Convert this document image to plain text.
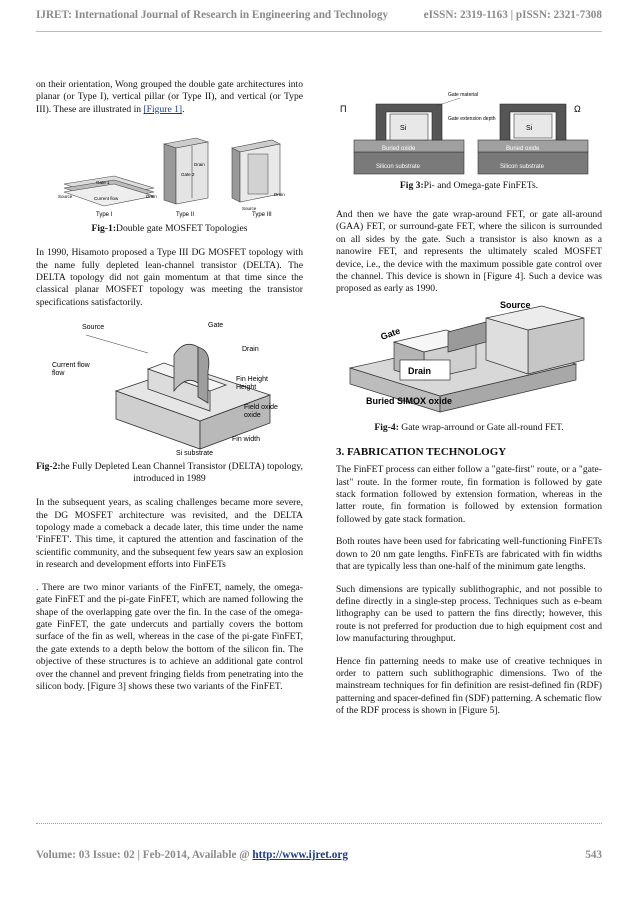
IJRET: International Journal of Research in Engineering and Technology	eISSN: 2319-1163 | pISSN: 2321-7308

on their orientation, Wong grouped the double gate architectures into planar (or Type I), vertical pillar (or Type II), and vertical (or Type III). These are illustrated in [Figure 1].

Gate 1
Source	Drain
Current flow
Type I
Gate 2
Drain
Type II
Source
Drain
Type III
Fig-1:Double gate MOSFET Topologies

In 1990, Hisamoto proposed a Type III DG MOSFET topology with the name fully depleted lean-channel transistor (DELTA). The DELTA topology did not gain momentum at that time since the classical planar MOSFET topology was meeting the transistor specifications satisfactorily.

Source	Gate
Drain
Current flow
flow
Fin Height
Height
Field oxide
oxide
Fin width
Si substrate
Fig-2:he Fully Depleted Lean Channel Transistor (DELTA) topology, introduced in 1989

In the subsequent years, as scaling challenges became more severe, the DG MOSFET architecture was revisited, and the DELTA topology made a comeback a decade later, this time under the name 'FinFET'. This time, it captured the attention and fascination of the scientific community, and the subsequent few years saw an explosion in research and development efforts into FinFETs

. There are two minor variants of the FinFET, namely, the omega-gate FinFET and the pi-gate FinFET, which are named following the shape of the overlapping gate over the fin. In the case of the omega-gate FinFET, the gate undercuts and partially covers the bottom surface of the fin as well, whereas in the case of the pi-gate FinFET, the gate extends to a depth below the bottom of the silicon fin. The objective of these structures is to achieve an additional gate control over the channel and prevent fringing fields from penetrating into the silicon body. [Figure 3] shows these two variants of the FinFET.

Π
Si
Buried oxide
Silicon substrate
Ω
Si
Buried oxide
Silicon substrate
Gate material
Gate extension depth
Fig 3:Pi- and Omega-gate FinFETs.

And then we have the gate wrap-around FET, or gate all-around (GAA) FET, or surround-gate FET, where the silicon is surrounded on all sides by the gate. Such a transistor is also known as a nanowire FET, and represents the ultimately scaled MOSFET device, i.e., the device with the maximum possible gate control over the channel. This device is shown in [Figure 4]. Such a device was proposed as early as 1990.

Source
Gate
Drain
Buried SIMOX oxide
Fig-4: Gate wrap-arround or Gate all-round FET.
3. FABRICATION TECHNOLOGY

The FinFET process can either follow a "gate-first" route, or a "gate-last" route. In the former route, fin formation is followed by gate stack formation followed by extension formation, whereas in the latter route, fin formation is followed by extension formation followed by gate stack formation.

Both routes have been used for fabricating well-functioning FinFETs down to 20 nm gate lengths. FinFETs are fabricated with fin widths that are typically less than one-half of the minimum gate lengths.

Such dimensions are typically sublithographic, and not possible to define directly in a single-step process. Techniques such as e-beam lithography can be used to pattern the fins directly; however, this route is not preferred for production due to high equipment cost and low manufacturing throughput.

Hence fin patterning needs to make use of creative techniques in order to pattern such sublithographic dimensions. Two of the mainstream techniques for fin definition are resist-defined fin (RDF) patterning and spacer-defined fin (SDF) patterning. A schematic flow of the RDF process is shown in [Figure 5].

Volume: 03 Issue: 02 | Feb-2014, Available @ http://www.ijret.org	543
